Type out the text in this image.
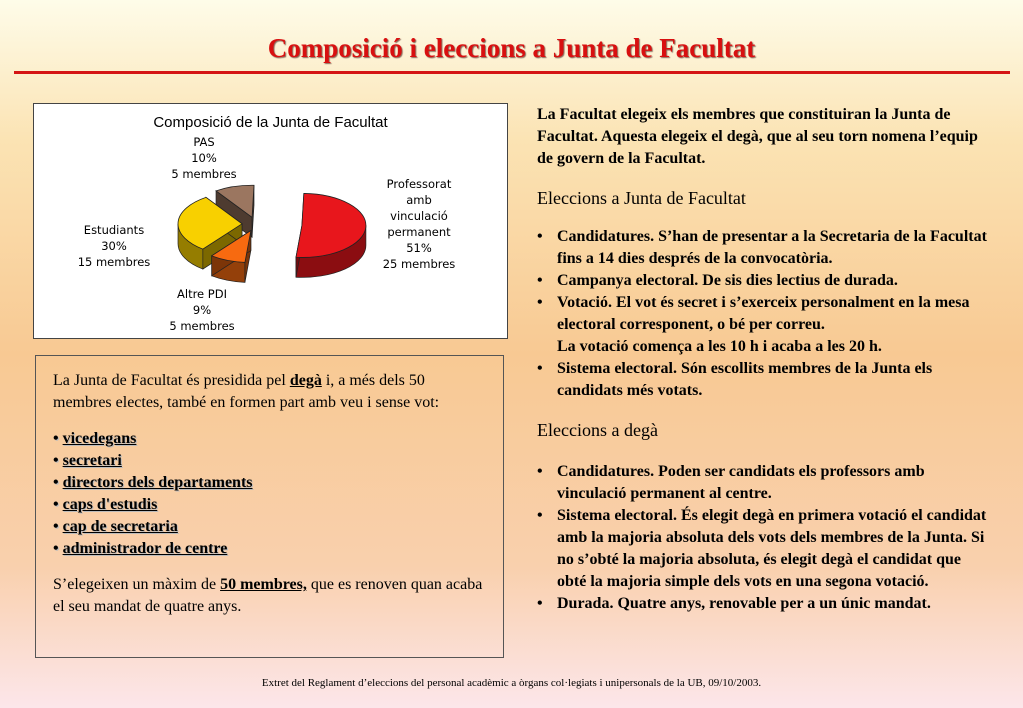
Composició i eleccions a Junta de Facultat
Composició de la Junta de Facultat
Professorat
amb
vinculació
permanent
51%
25 membres
Altre PDI
9%
5 membres
Estudiants
30%
15 membres
PAS
10%
5 membres

La Junta de Facultat és presidida pel degà i, a més dels 50 membres electes, també en formen part amb veu i sense vot:

• vicedegans
• secretari
• directors dels departaments
• caps d'estudis
• cap de secretaria
• administrador de centre

S’elegeixen un màxim de 50 membres, que es renoven quan acaba el seu mandat de quatre anys.

La Facultat elegeix els membres que constituiran la Junta de Facultat. Aquesta elegeix el degà, que al seu torn nomena l’equip de govern de la Facultat.

Eleccions a Junta de Facultat
• Candidatures. S’han de presentar a la Secretaria de la Facultat fins a 14 dies després de la convocatòria.
• Campanya electoral. De sis dies lectius de durada.
• Votació. El vot és secret i s’exerceix personalment en la mesa electoral corresponent, o bé per correu.
La votació comença a les 10 h i acaba a les 20 h.
• Sistema electoral. Són escollits membres de la Junta els candidats més votats.
Eleccions a degà
• Candidatures. Poden ser candidats els professors amb vinculació permanent al centre.
• Sistema electoral. És elegit degà en primera votació el candidat amb la majoria absoluta dels vots dels membres de la Junta. Si no s’obté la majoria absoluta, és elegit degà el candidat que obté la majoria simple dels vots en una segona votació.
• Durada. Quatre anys, renovable per a un únic mandat.
Extret del Reglament d’eleccions del personal acadèmic a òrgans col·legiats i unipersonals de la UB, 09/10/2003.
